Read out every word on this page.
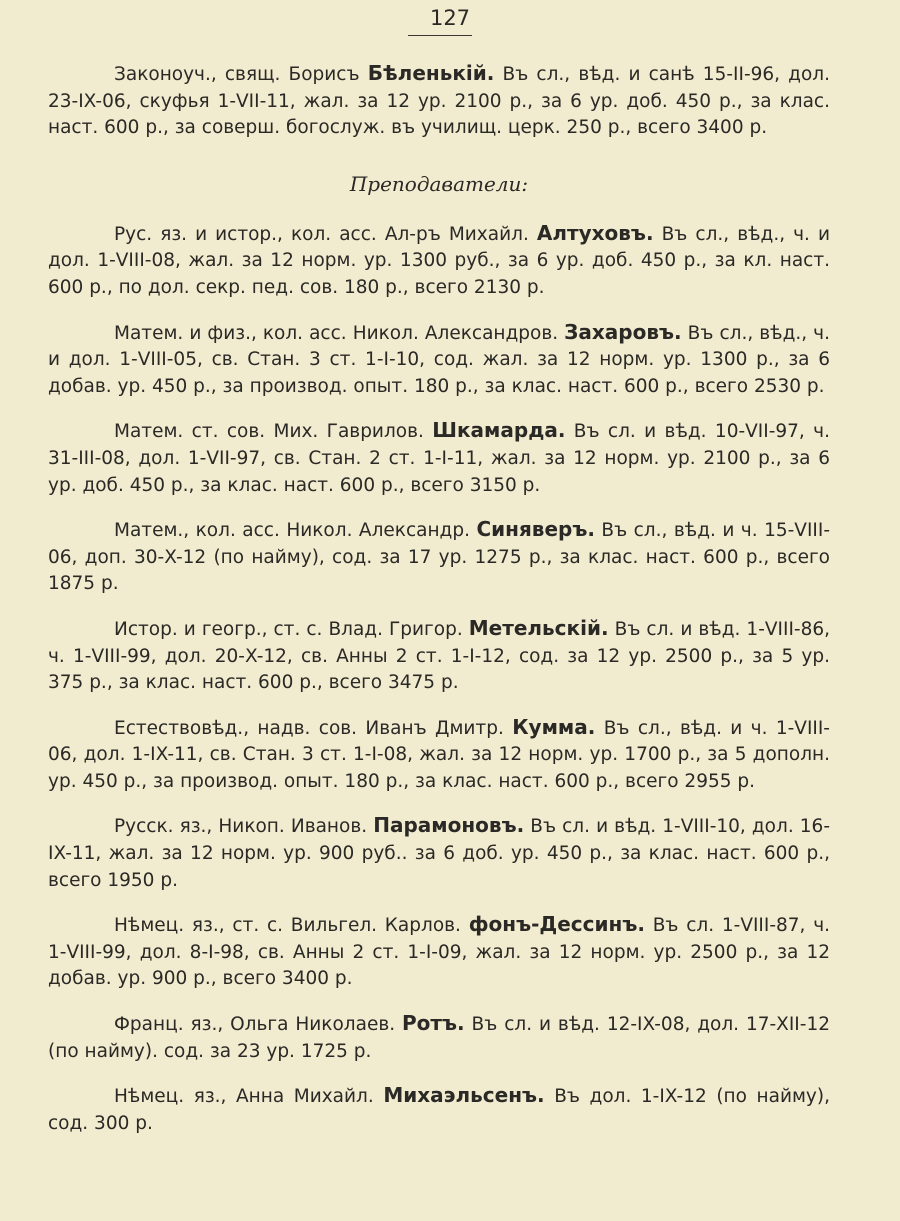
127

Законоуч., свящ. Борисъ Бѣленькій. Въ сл., вѣд. и санѣ 15-II-96, дол. 23-IX-06, скуфья 1-VII-11, жал. за 12 ур. 2100 р., за 6 ур. доб. 450 р., за клас. наст. 600 р., за соверш. богослуж. въ училищ. церк. 250 р., всего 3400 р.

Преподаватели:

Рус. яз. и истор., кол. асс. Ал-ръ Михайл. Алтуховъ. Въ сл., вѣд., ч. и дол. 1-VIII-08, жал. за 12 норм. ур. 1300 руб., за 6 ур. доб. 450 р., за кл. наст. 600 р., по дол. секр. пед. сов. 180 р., всего 2130 р.

Матем. и физ., кол. асс. Никол. Александров. Захаровъ. Въ сл., вѣд., ч. и дол. 1-VIII-05, св. Стан. 3 ст. 1-I-10, сод. жал. за 12 норм. ур. 1300 р., за 6 добав. ур. 450 р., за производ. опыт. 180 р., за клас. наст. 600 р., всего 2530 р.

Матем. ст. сов. Мих. Гаврилов. Шкамарда. Въ сл. и вѣд. 10-VII-97, ч. 31-III-08, дол. 1-VII-97, св. Стан. 2 ст. 1-I-11, жал. за 12 норм. ур. 2100 р., за 6 ур. доб. 450 р., за клас. наст. 600 р., всего 3150 р.

Матем., кол. асс. Никол. Александр. Синяверъ. Въ сл., вѣд. и ч. 15-VIII-06, доп. 30-X-12 (по найму), сод. за 17 ур. 1275 р., за клас. наст. 600 р., всего 1875 р.

Истор. и геогр., ст. с. Влад. Григор. Метельскій. Въ сл. и вѣд. 1-VIII-86, ч. 1-VIII-99, дол. 20-X-12, св. Анны 2 ст. 1-I-12, сод. за 12 ур. 2500 р., за 5 ур. 375 р., за клас. наст. 600 р., всего 3475 р.

Естествовѣд., надв. сов. Иванъ Дмитр. Кумма. Въ сл., вѣд. и ч. 1-VIII-06, дол. 1-IX-11, св. Стан. 3 ст. 1-I-08, жал. за 12 норм. ур. 1700 р., за 5 дополн. ур. 450 р., за производ. опыт. 180 р., за клас. наст. 600 р., всего 2955 р.

Русск. яз., Никоп. Иванов. Парамоновъ. Въ сл. и вѣд. 1-VIII-10, дол. 16-IX-11, жал. за 12 норм. ур. 900 руб.. за 6 доб. ур. 450 р., за клас. наст. 600 р., всего 1950 р.

Нѣмец. яз., ст. с. Вильгел. Карлов. фонъ-Дессинъ. Въ сл. 1-VIII-87, ч. 1-VIII-99, дол. 8-I-98, св. Анны 2 ст. 1-I-09, жал. за 12 норм. ур. 2500 р., за 12 добав. ур. 900 р., всего 3400 р.

Франц. яз., Ольга Николаев. Ротъ. Въ сл. и вѣд. 12-IX-08, дол. 17-XII-12 (по найму). сод. за 23 ур. 1725 р.

Нѣмец. яз., Анна Михайл. Михаэльсенъ. Въ дол. 1-IX-12 (по найму), сод. 300 р.
